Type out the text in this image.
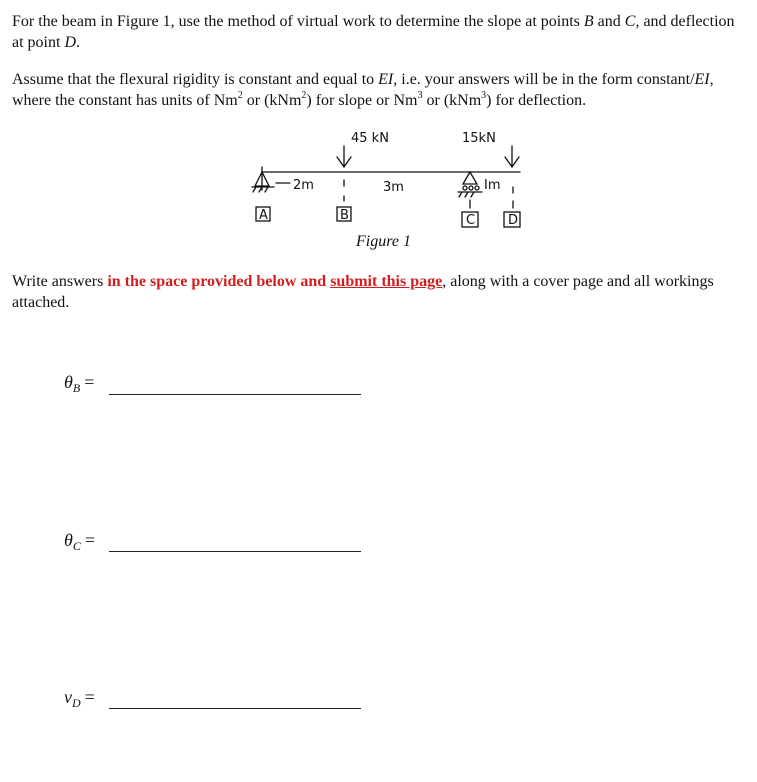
For the beam in Figure 1, use the method of virtual work to determine the slope at points B and C, and deflection at point D.

Assume that the flexural rigidity is constant and equal to EI, i.e. your answers will be in the form constant/EI, where the constant has units of Nm$^2$ or (kNm$^2$) for slope or Nm$^3$ or (kNm$^3$) for deflection.

45 kN	15kN
2m	3m	Im
A	B	C	D
Figure 1

Write answers in the space provided below and submit this page, along with a cover page and all workings attached.

$\theta_B$ =
$\theta_C$ =
$v_D$ =
